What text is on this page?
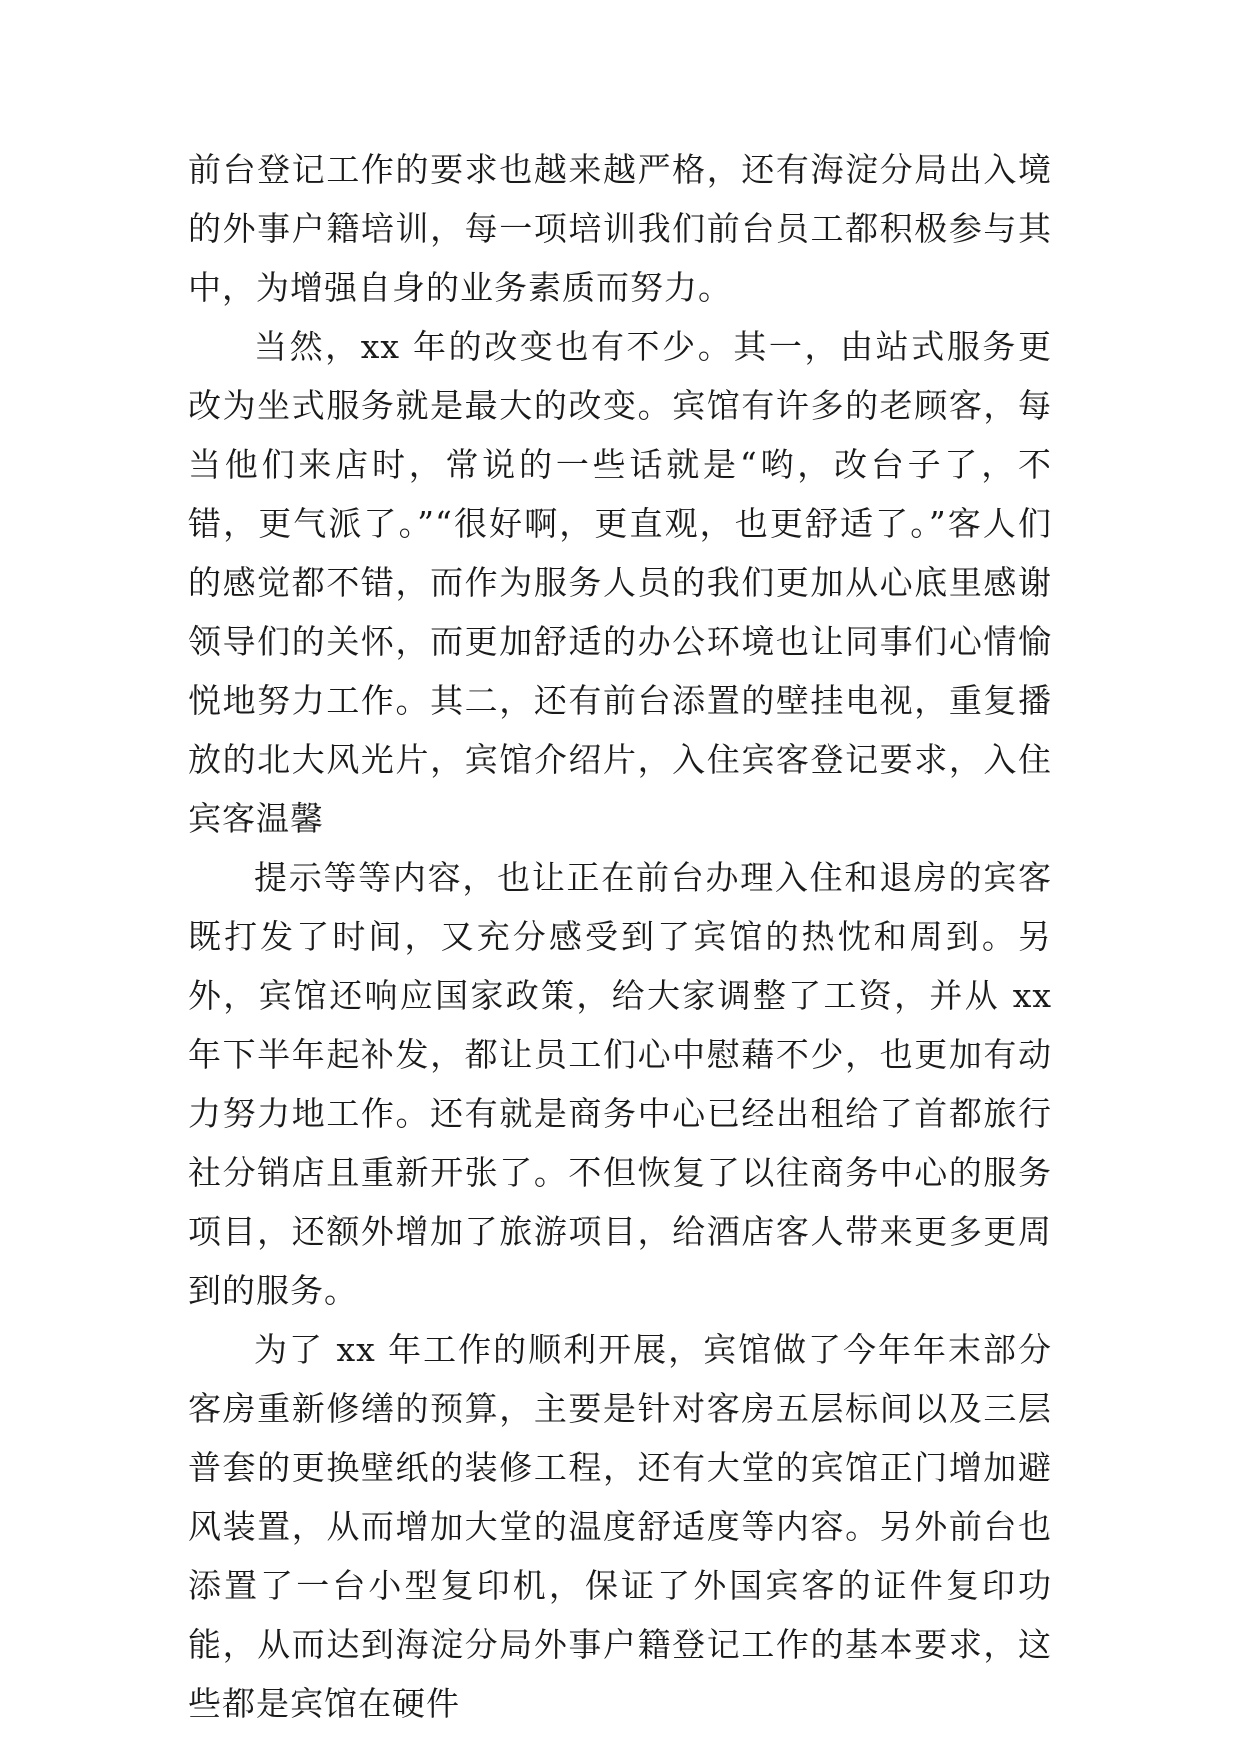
前台登记工作的要求也越来越严格，还有海淀分局出入境的外事户籍培训，每一项培训我们前台员工都积极参与其中，为增强自身的业务素质而努力。

当然，xx 年的改变也有不少。其一，由站式服务更改为坐式服务就是最大的改变。宾馆有许多的老顾客，每当他们来店时，常说的一些话就是“哟，改台子了，不错，更气派了。”“很好啊，更直观，也更舒适了。”客人们的感觉都不错，而作为服务人员的我们更加从心底里感谢领导们的关怀，而更加舒适的办公环境也让同事们心情愉悦地努力工作。其二，还有前台添置的壁挂电视，重复播放的北大风光片，宾馆介绍片，入住宾客登记要求，入住宾客温馨

提示等等内容，也让正在前台办理入住和退房的宾客既打发了时间，又充分感受到了宾馆的热忱和周到。另外，宾馆还响应国家政策，给大家调整了工资，并从 xx 年下半年起补发，都让员工们心中慰藉不少，也更加有动力努力地工作。还有就是商务中心已经出租给了首都旅行社分销店且重新开张了。不但恢复了以往商务中心的服务项目，还额外增加了旅游项目，给酒店客人带来更多更周到的服务。

为了 xx 年工作的顺利开展，宾馆做了今年年末部分客房重新修缮的预算，主要是针对客房五层标间以及三层普套的更换壁纸的装修工程，还有大堂的宾馆正门增加避风装置，从而增加大堂的温度舒适度等内容。另外前台也添置了一台小型复印机，保证了外国宾客的证件复印功能，从而达到海淀分局外事户籍登记工作的基本要求，这些都是宾馆在硬件
